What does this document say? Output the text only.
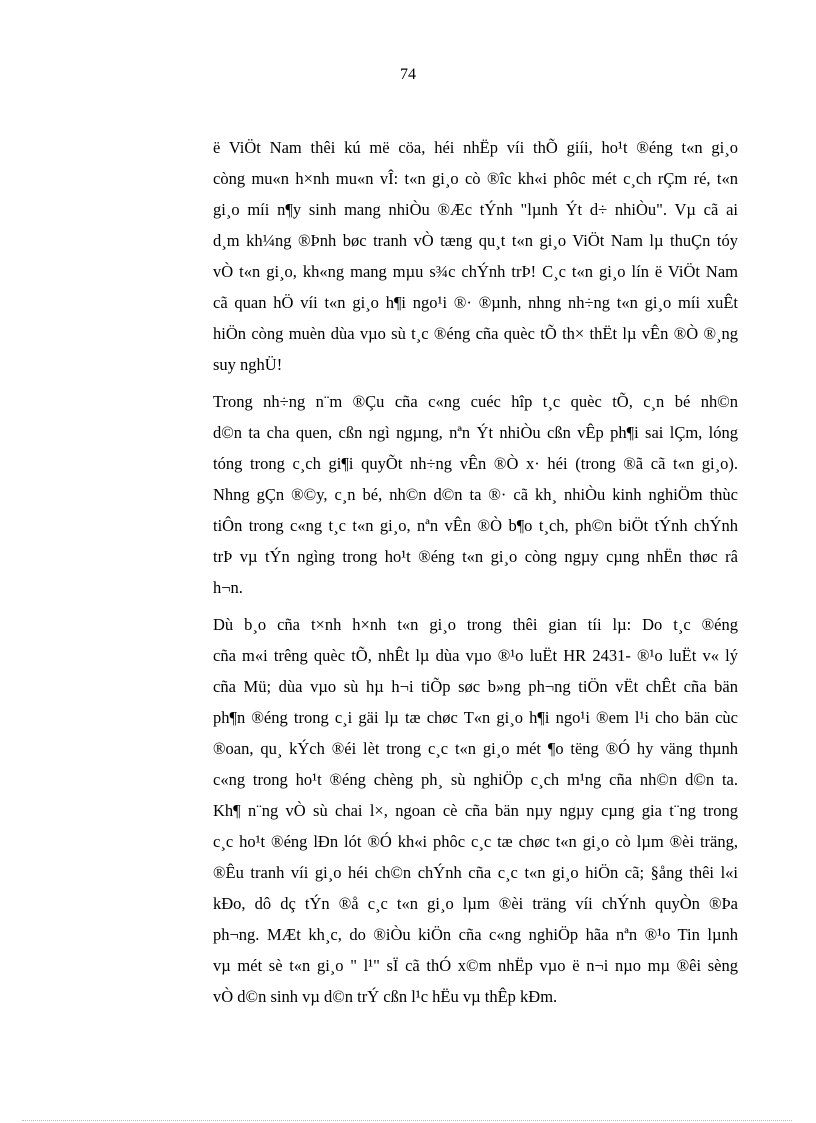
74

ë ViÖt Nam thêi kú më cöa, héi nhËp víi thÕ giíi, ho¹t ®éng t«n gi¸o
còng mu«n h×nh mu«n vÎ: t«n gi¸o cò ®îc kh«i phôc mét c¸ch rÇm ré, t«n
gi¸o míi n¶y sinh mang nhiÒu ®Æc tÝnh "lµnh Ýt d÷ nhiÒu". Vµ cã ai
d¸m kh¼ng ®Þnh bøc tranh vÒ tæng qu¸t t«n gi¸o ViÖt Nam lµ thuÇn tóy
vÒ t«n gi¸o, kh«ng mang mµu s¾c chÝnh trÞ! C¸c t«n gi¸o lín ë ViÖt Nam
cã quan hÖ víi t«n gi¸o h¶i ngo¹i ®· ®µnh, nhng nh÷ng t«n gi¸o míi xuÊt
hiÖn còng muèn dùa vµo sù t¸c ®éng cña quèc tÕ th× thËt lµ vÊn ®Ò ®¸ng
suy nghÜ!

Trong nh÷ng n¨m ®Çu cña c«ng cuéc hîp t¸c quèc tÕ, c¸n bé nh©n
d©n ta cha quen, cßn ngì ngµng, nªn Ýt nhiÒu cßn vÊp ph¶i sai lÇm, lóng
tóng trong c¸ch gi¶i quyÕt nh÷ng vÊn ®Ò x· héi (trong ®ã cã t«n gi¸o).
Nhng gÇn ®©y, c¸n bé, nh©n d©n ta ®· cã kh¸ nhiÒu kinh nghiÖm thùc
tiÔn trong c«ng t¸c t«n gi¸o, nªn vÊn ®Ò b¶o t¸ch, ph©n biÖt tÝnh chÝnh
trÞ vµ tÝn ngìng trong ho¹t ®éng t«n gi¸o còng ngµy cµng nhËn thøc râ
h¬n.

Dù b¸o cña t×nh h×nh t«n gi¸o trong thêi gian tíi lµ: Do t¸c ®éng
cña m«i trêng quèc tÕ, nhÊt lµ dùa vµo ®¹o luËt HR 2431- ®¹o luËt v« lý
cña Mü; dùa vµo sù hµ h¬i tiÕp søc b»ng ph¬ng tiÖn vËt chÊt cña bän
ph¶n ®éng trong c¸i gäi lµ tæ chøc T«n gi¸o h¶i ngo¹i ®em l¹i cho bän cùc
®oan, qu¸ kÝch ®éi lèt trong c¸c t«n gi¸o mét ¶o tëng ®Ó hy väng thµnh
c«ng trong ho¹t ®éng chèng ph¸ sù nghiÖp c¸ch m¹ng cña nh©n d©n ta.
Kh¶ n¨ng vÒ sù chai l×, ngoan cè cña bän nµy ngµy cµng gia t¨ng trong
c¸c ho¹t ®éng lÐn lót ®Ó kh«i phôc c¸c tæ chøc t«n gi¸o cò lµm ®èi träng,
®Êu tranh víi gi¸o héi ch©n chÝnh cña c¸c t«n gi¸o hiÖn cã; §ång thêi l«i
kÐo, dô dç tÝn ®å c¸c t«n gi¸o lµm ®èi träng víi chÝnh quyÒn ®Þa
ph¬ng. MÆt kh¸c, do ®iÒu kiÖn cña c«ng nghiÖp hãa nªn ®¹o Tin lµnh
vµ mét sè t«n gi¸o " l¹" sÏ cã thÓ x©m nhËp vµo ë n¬i nµo mµ ®êi sèng
vÒ d©n sinh vµ d©n trÝ cßn l¹c hËu vµ thÊp kÐm.
